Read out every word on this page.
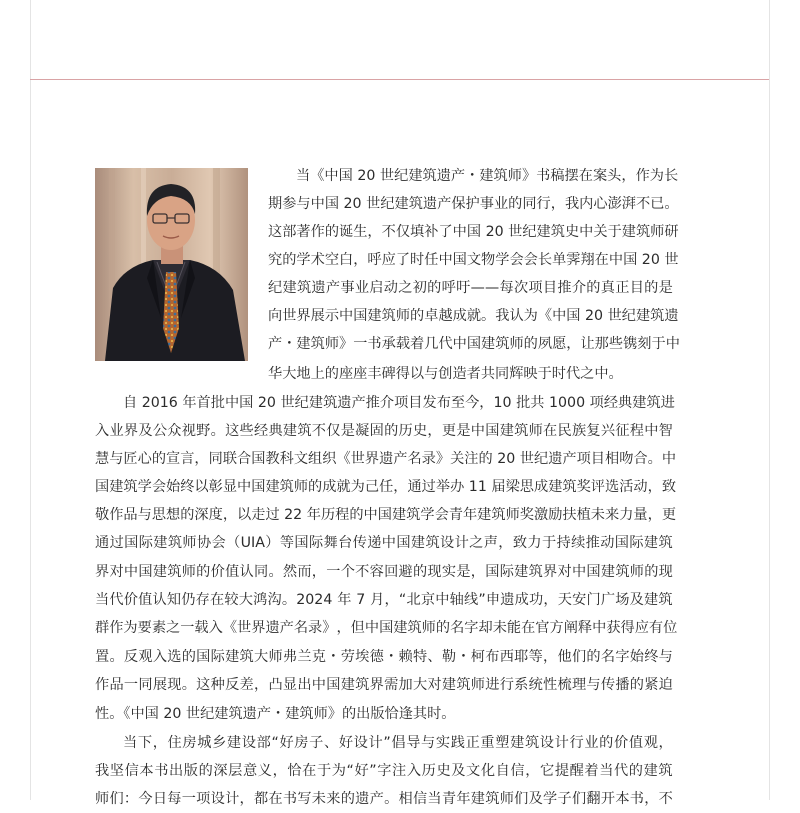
当 《 中 国
20
世 纪 建 筑 遗 产 ・ 建 筑 师 》 书 稿 摆 在 案 头 ， 作 为 长
期 参 与 中 国
20
世 纪 建 筑 遗 产 保 护 事 业 的 同 行 ， 我 内 心 澎 湃 不 已 。
这 部 著 作 的 诞 生 ， 不 仅 填 补 了 中 国
20
世 纪 建 筑 史 中 关 于 建 筑 师 研
究 的 学 术 空 白 ， 呼 应 了 时 任 中 国 文 物 学 会 会 长 单 霁 翔 在 中 国
20
世
纪 建 筑 遗 产 事 业 启 动 之 初 的 呼 吁 — — 每 次 项 目 推 介 的 真 正 目 的 是
向 世 界 展 示 中 国 建 筑 师 的 卓 越 成 就 。 我 认 为 《 中 国
20
世 纪 建 筑 遗
产 ・ 建 筑 师 》 一 书 承 载 着 几 代 中 国 建 筑 师 的 夙 愿 ， 让 那 些 镌 刻 于 中
华大地上的座座丰碑得以与创造者共同辉映于时代之中。
自
2016
年 首 批 中 国
20
世 纪 建 筑 遗 产 推 介 项 目 发 布 至 今 ， 10
批 共
1000
项 经 典 建 筑 进
入 业 界 及 公 众 视 野 。 这 些 经 典 建 筑 不 仅 是 凝 固 的 历 史 ， 更 是 中 国 建 筑 师 在 民 族 复 兴 征 程 中 智
慧 与 匠 心 的 宣 言 ， 同 联 合 国 教 科 文 组 织 《 世 界 遗 产 名 录 》 关 注 的
20
世 纪 遗 产 项 目 相 吻 合 。 中
国 建 筑 学 会 始 终 以 彰 显 中 国 建 筑 师 的 成 就 为 己 任 ， 通 过 举 办
11
届 梁 思 成 建 筑 奖 评 选 活 动 ， 致
敬 作 品 与 思 想 的 深 度 ， 以 走 过
22
年 历 程 的 中 国 建 筑 学 会 青 年 建 筑 师 奖 激 励 扶 植 未 来 力 量 ， 更
通 过 国 际 建 筑 师 协 会 （ UIA ） 等 国 际 舞 台 传 递 中 国 建 筑 设 计 之 声 ， 致 力 于 持 续 推 动 国 际 建 筑
界 对 中 国 建 筑 师 的 价 值 认 同 。 然 而 ， 一 个 不 容 回 避 的 现 实 是 ， 国 际 建 筑 界 对 中 国 建 筑 师 的 现
当 代 价 值 认 知 仍 存 在 较 大 鸿 沟 。 2024
年
7
月 ， “ 北 京 中 轴 线 ” 申 遗 成 功 ， 天 安 门 广 场 及 建 筑
群 作 为 要 素 之 一 载 入 《 世 界 遗 产 名 录 》 ， 但 中 国 建 筑 师 的 名 字 却 未 能 在 官 方 阐 释 中 获 得 应 有 位
置 。 反 观 入 选 的 国 际 建 筑 大 师 弗 兰 克 ・ 劳 埃 德 ・ 赖 特 、 勒 ・ 柯 布 西 耶 等 ， 他 们 的 名 字 始 终 与
作 品 一 同 展 现 。 这 种 反 差 ， 凸 显 出 中 国 建 筑 界 需 加 大 对 建 筑 师 进 行 系 统 性 梳 理 与 传 播 的 紧 迫
性。《中国 20 世纪建筑遗产・建筑师》的出版恰逢其时。
当 下 ， 住 房 城 乡 建 设 部 “ 好 房 子 、 好 设 计 ” 倡 导 与 实 践 正 重 塑 建 筑 设 计 行 业 的 价 值 观 ，
我 坚 信 本 书 出 版 的 深 层 意 义 ， 恰 在 于 为 “ 好 ” 字 注 入 历 史 及 文 化 自 信 ， 它 提 醒 着 当 代 的 建 筑
师 们 ： 今 日 每 一 项 设 计 ， 都 在 书 写 未 来 的 遗 产 。 相 信 当 青 年 建 筑 师 们 及 学 子 们 翻 开 本 书 ， 不
